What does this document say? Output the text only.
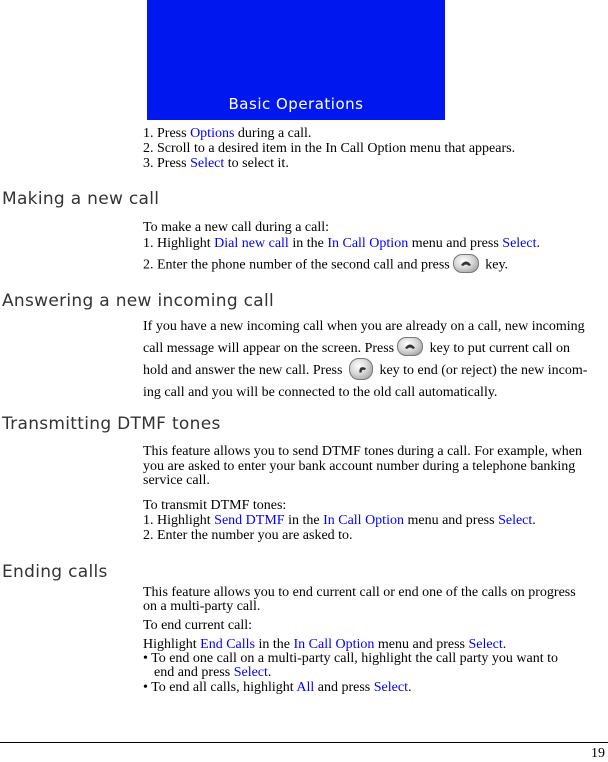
Basic Operations
1. Press Options during a call.
2. Scroll to a desired item in the In Call Option menu that appears.
3. Press Select to select it.
Making a new call
To make a new call during a call:
1. Highlight Dial new call in the In Call Option menu and press Select.
2. Enter the phone number of the second call and press
key.
Answering a new incoming call
If you have a new incoming call when you are already on a call, new incoming
call message will appear on the screen. Press
key to put current call on
hold and answer the new call. Press
key to end (or reject) the new incom-
ing call and you will be connected to the old call automatically.
Transmitting DTMF tones
This feature allows you to send DTMF tones during a call. For example, when
you are asked to enter your bank account number during a telephone banking
service call.
To transmit DTMF tones:
1. Highlight Send DTMF in the In Call Option menu and press Select.
2. Enter the number you are asked to.
Ending calls
This feature allows you to end current call or end one of the calls on progress
on a multi-party call.
To end current call:
Highlight End Calls in the In Call Option menu and press Select.
• To end one call on a multi-party call, highlight the call party you want to
end and press Select.
• To end all calls, highlight All and press Select.
19
